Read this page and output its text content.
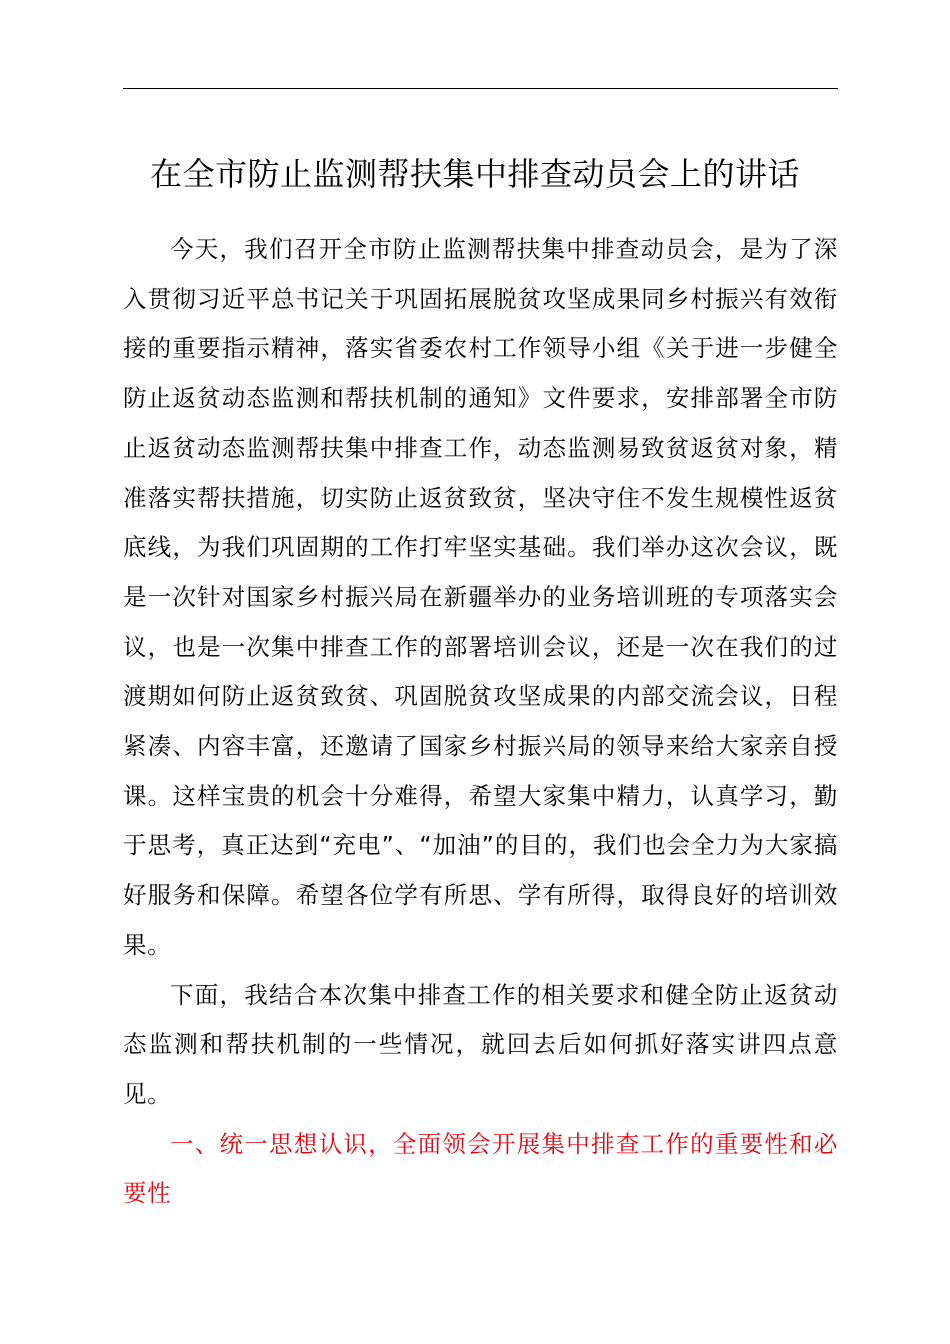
在全市防止监测帮扶集中排查动员会上的讲话

今天，我们召开全市防止监测帮扶集中排查动员会，是为了深入贯彻习近平总书记关于巩固拓展脱贫攻坚成果同乡村振兴有效衔接的重要指示精神，落实省委农村工作领导小组《关于进一步健全防止返贫动态监测和帮扶机制的通知》文件要求，安排部署全市防止返贫动态监测帮扶集中排查工作，动态监测易致贫返贫对象，精准落实帮扶措施，切实防止返贫致贫，坚决守住不发生规模性返贫底线，为我们巩固期的工作打牢坚实基础。我们举办这次会议，既是一次针对国家乡村振兴局在新疆举办的业务培训班的专项落实会议，也是一次集中排查工作的部署培训会议，还是一次在我们的过渡期如何防止返贫致贫、巩固脱贫攻坚成果的内部交流会议，日程紧凑、内容丰富，还邀请了国家乡村振兴局的领导来给大家亲自授课。这样宝贵的机会十分难得，希望大家集中精力，认真学习，勤于思考，真正达到“充电”、“加油”的目的，我们也会全力为大家搞好服务和保障。希望各位学有所思、学有所得，取得良好的培训效果。

下面，我结合本次集中排查工作的相关要求和健全防止返贫动态监测和帮扶机制的一些情况，就回去后如何抓好落实讲四点意见。

一、统一思想认识，全面领会开展集中排查工作的重要性和必要性
